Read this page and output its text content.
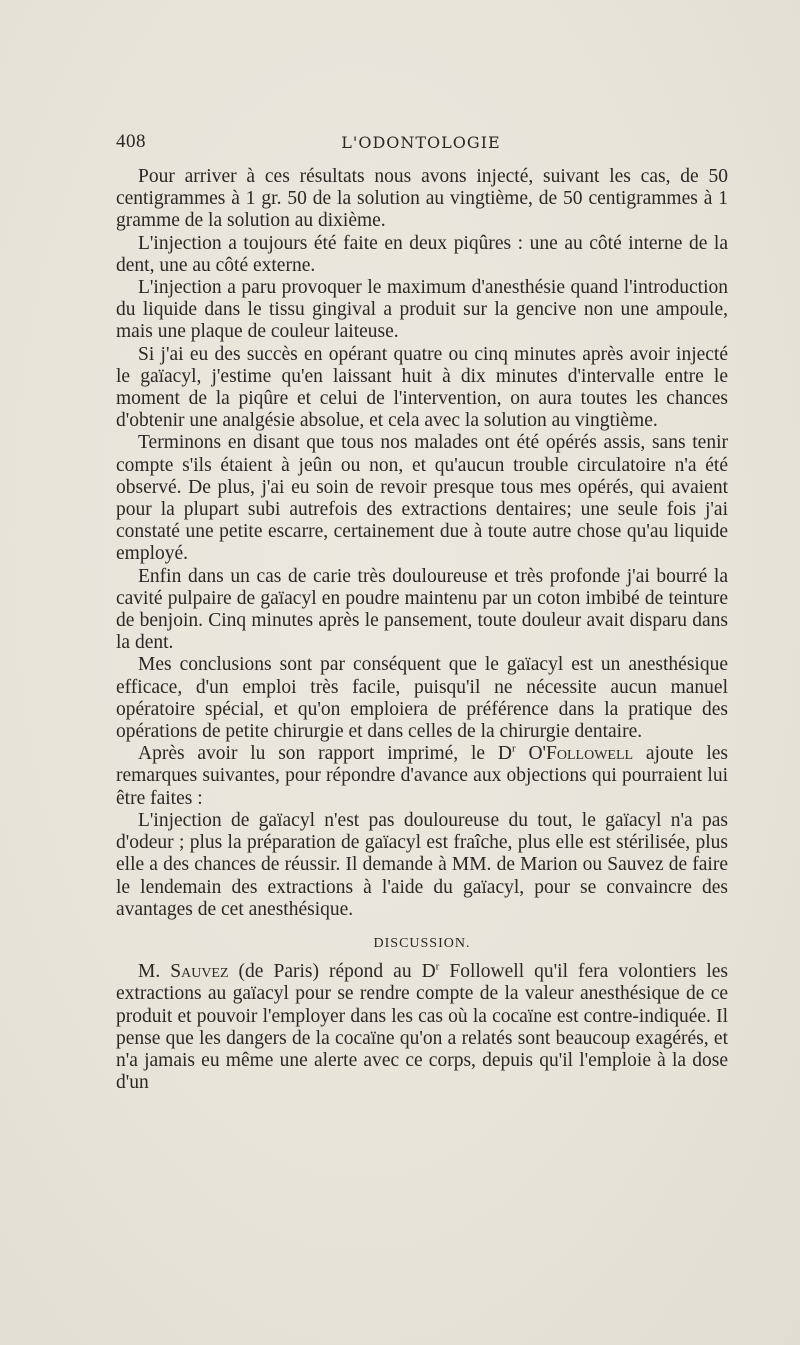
408	L'ODONTOLOGIE

Pour arriver à ces résultats nous avons injecté, suivant les cas, de 50 centigrammes à 1 gr. 50 de la solution au vingtième, de 50 centigrammes à 1 gramme de la solution au dixième.

L'injection a toujours été faite en deux piqûres : une au côté interne de la dent, une au côté externe.

L'injection a paru provoquer le maximum d'anesthésie quand l'introduction du liquide dans le tissu gingival a produit sur la gencive non une ampoule, mais une plaque de couleur laiteuse.

Si j'ai eu des succès en opérant quatre ou cinq minutes après avoir injecté le gaïacyl, j'estime qu'en laissant huit à dix minutes d'intervalle entre le moment de la piqûre et celui de l'intervention, on aura toutes les chances d'obtenir une analgésie absolue, et cela avec la solution au vingtième.

Terminons en disant que tous nos malades ont été opérés assis, sans tenir compte s'ils étaient à jeûn ou non, et qu'aucun trouble circulatoire n'a été observé. De plus, j'ai eu soin de revoir presque tous mes opérés, qui avaient pour la plupart subi autrefois des extractions dentaires; une seule fois j'ai constaté une petite escarre, certainement due à toute autre chose qu'au liquide employé.

Enfin dans un cas de carie très douloureuse et très profonde j'ai bourré la cavité pulpaire de gaïacyl en poudre maintenu par un coton imbibé de teinture de benjoin. Cinq minutes après le pansement, toute douleur avait disparu dans la dent.

Mes conclusions sont par conséquent que le gaïacyl est un anesthésique efficace, d'un emploi très facile, puisqu'il ne nécessite aucun manuel opératoire spécial, et qu'on emploiera de préférence dans la pratique des opérations de petite chirurgie et dans celles de la chirurgie dentaire.

Après avoir lu son rapport imprimé, le $D^r$ O'Followell ajoute les remarques suivantes, pour répondre d'avance aux objections qui pourraient lui être faites :

L'injection de gaïacyl n'est pas douloureuse du tout, le gaïacyl n'a pas d'odeur ; plus la préparation de gaïacyl est fraîche, plus elle est stérilisée, plus elle a des chances de réussir. Il demande à MM. de Marion ou Sauvez de faire le lendemain des extractions à l'aide du gaïacyl, pour se convaincre des avantages de cet anesthésique.

DISCUSSION.

M. Sauvez (de Paris) répond au $D^r$ Followell qu'il fera volontiers les extractions au gaïacyl pour se rendre compte de la valeur anesthésique de ce produit et pouvoir l'employer dans les cas où la cocaïne est contre-indiquée. Il pense que les dangers de la cocaïne qu'on a relatés sont beaucoup exagérés, et n'a jamais eu même une alerte avec ce corps, depuis qu'il l'emploie à la dose d'un
